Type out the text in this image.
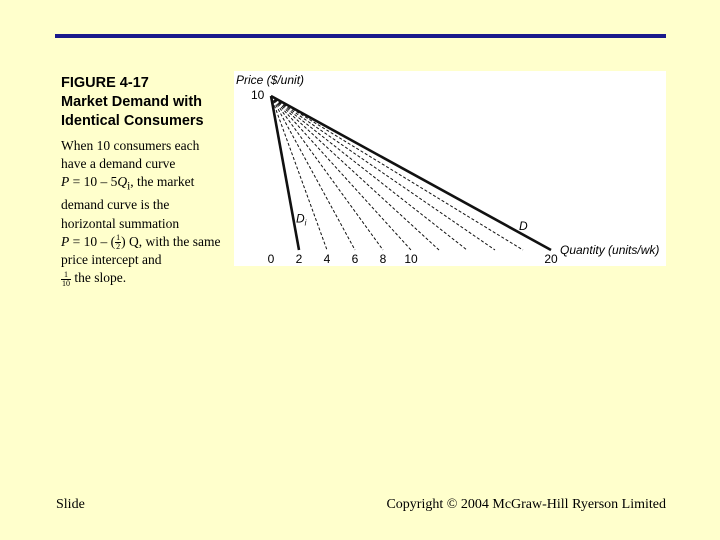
FIGURE 4-17
Market Demand with
Identical Consumers
When 10 consumers each
have a demand curve
$P = 10 - 5Q_i$, the market
demand curve is the
horizontal summation
P = 10 – ( $\frac{1}{2}$ ) Q, with the same
price intercept and
$\frac{1}{10}$ the slope.
Price ($/unit)
Quantity (units/wk)
10
0 2 4 6 8 10	20
$D_i$	D
Slide	Copyright © 2004 McGraw-Hill Ryerson Limited
